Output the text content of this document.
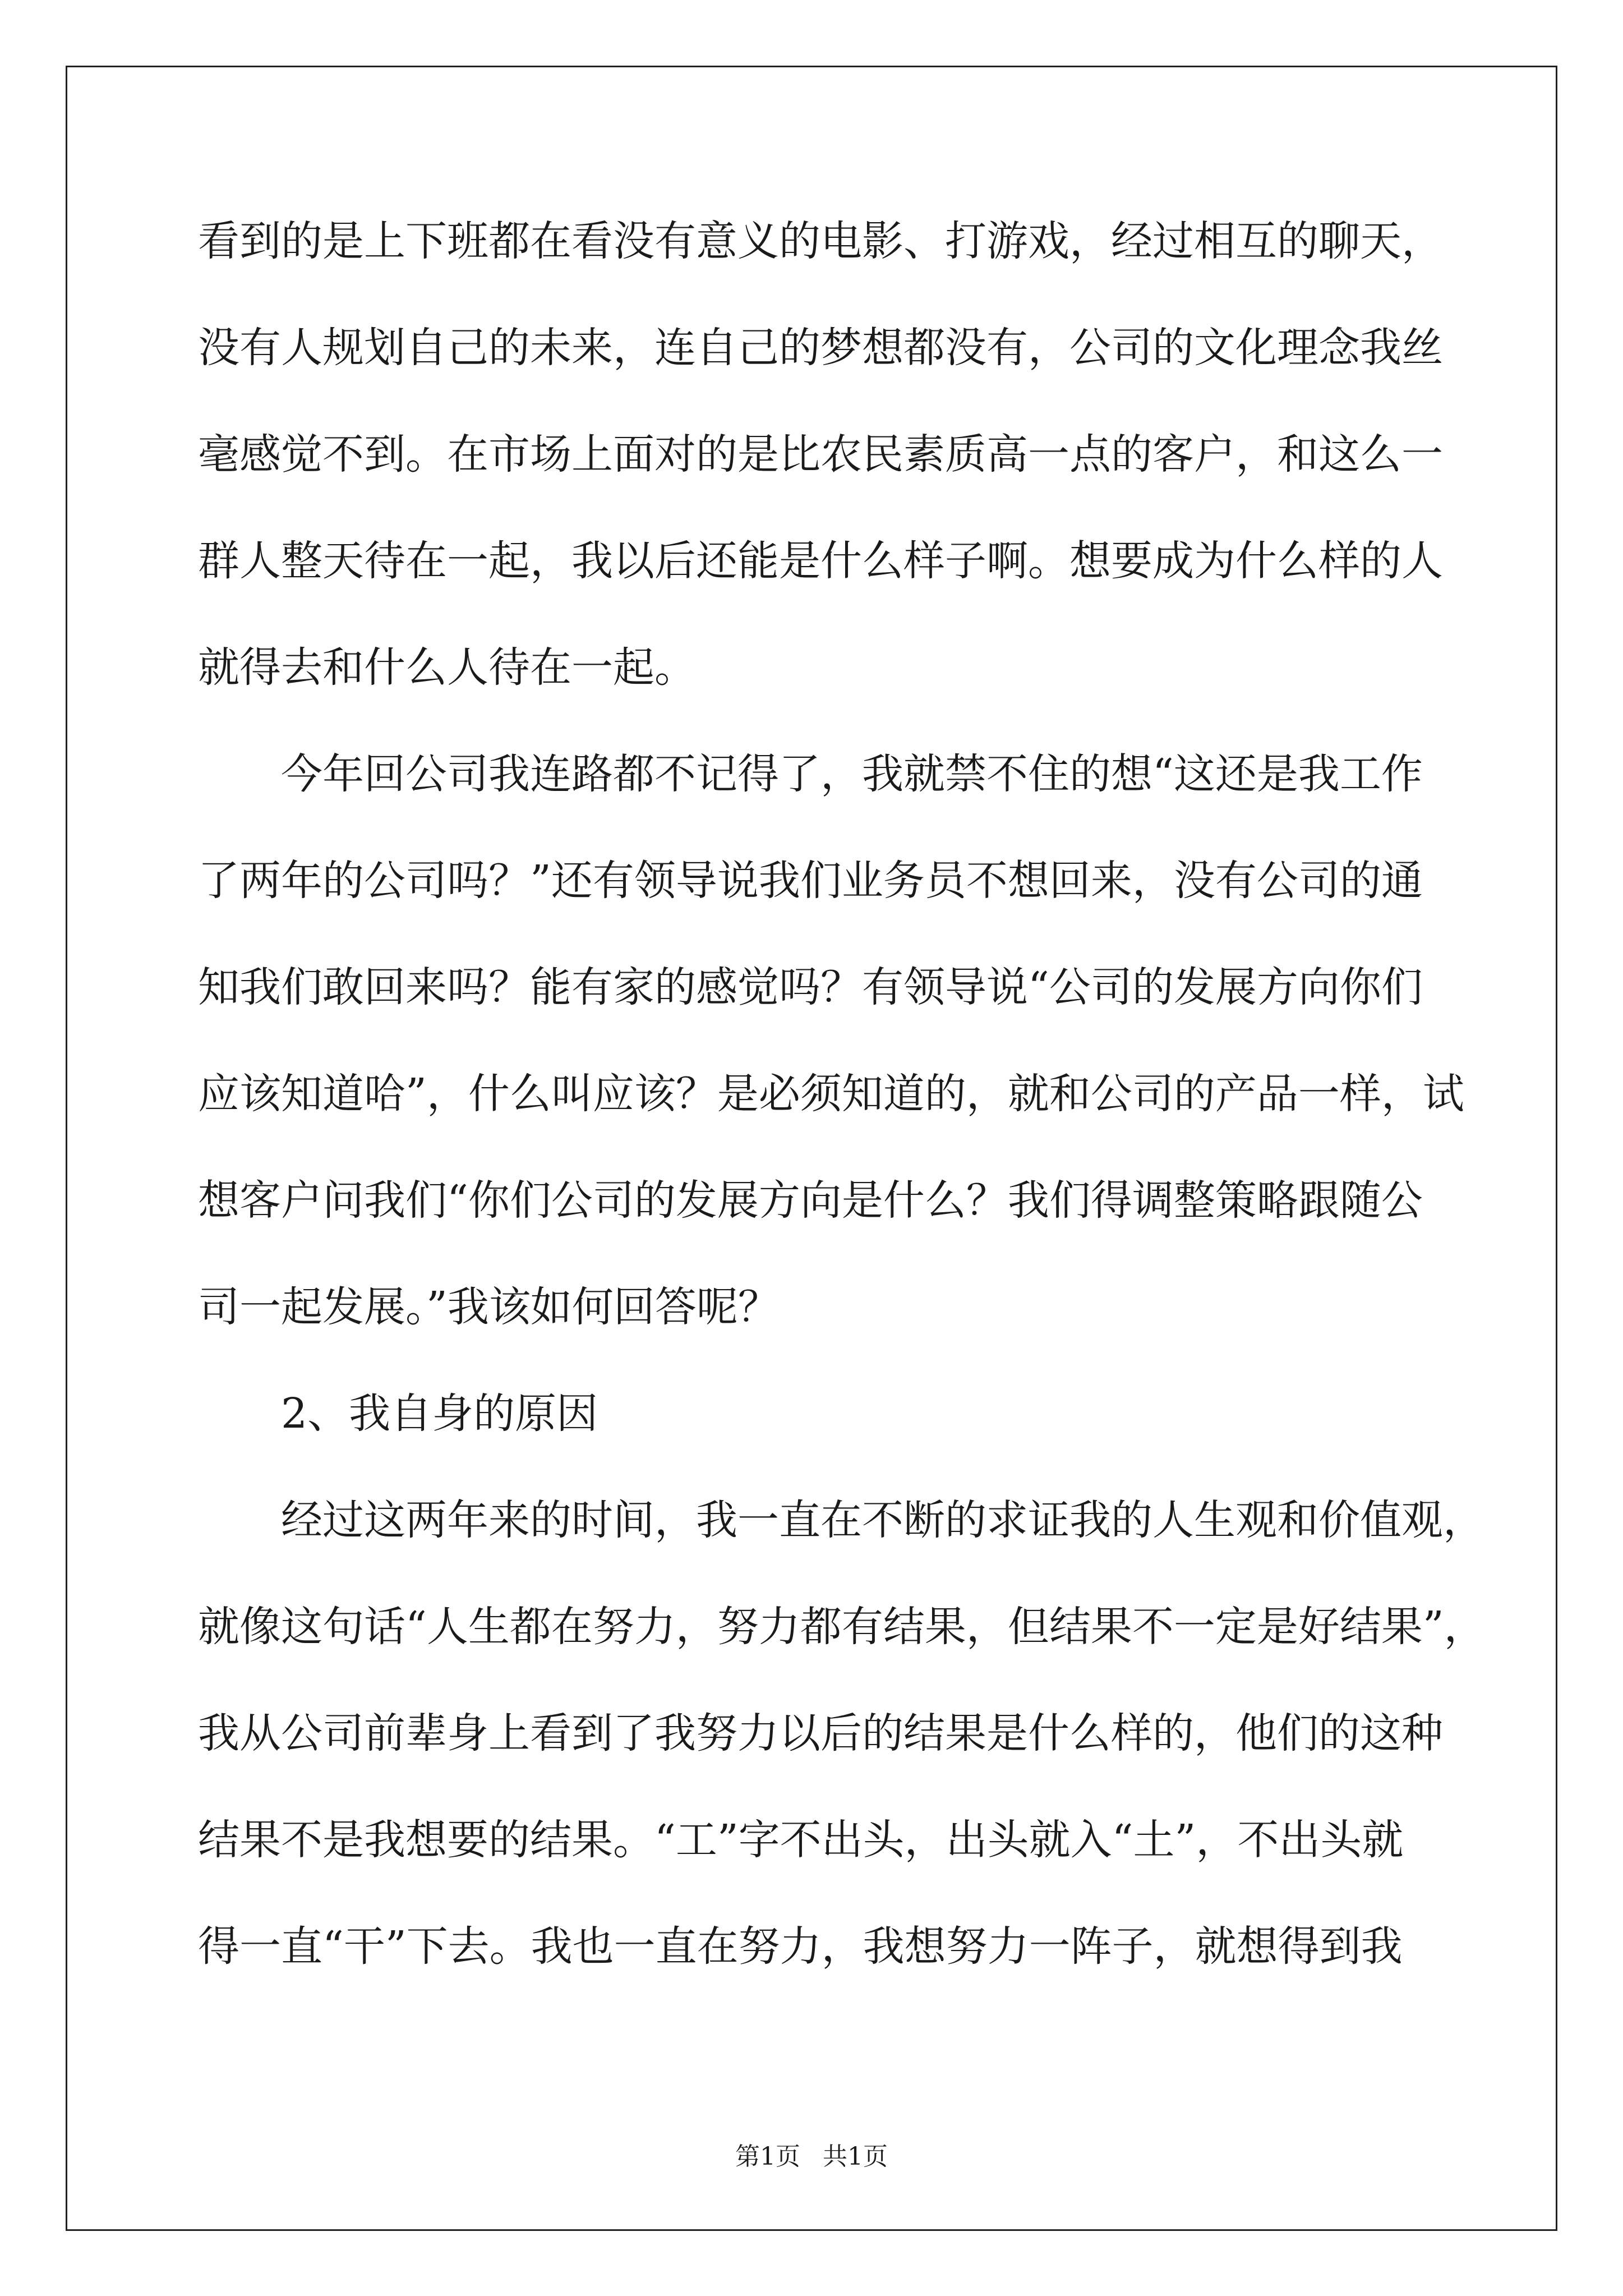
看到的是上下班都在看没有意义的电影、打游戏，经过相互的聊天，
没有人规划自己的未来，连自己的梦想都没有，公司的文化理念我丝
毫感觉不到。在市场上面对的是比农民素质高一点的客户，和这么一
群人整天待在一起，我以后还能是什么样子啊。想要成为什么样的人
就得去和什么人待在一起。
今年回公司我连路都不记得了，我就禁不住的想“这还是我工作
了两年的公司吗？”还有领导说我们业务员不想回来，没有公司的通
知我们敢回来吗？能有家的感觉吗？有领导说“公司的发展方向你们
应该知道哈”，什么叫应该？是必须知道的，就和公司的产品一样，试
想客户问我们“你们公司的发展方向是什么？我们得调整策略跟随公
司一起发展。”我该如何回答呢？
2、我自身的原因
经过这两年来的时间，我一直在不断的求证我的人生观和价值观，
就像这句话“人生都在努力，努力都有结果，但结果不一定是好结果”，
我从公司前辈身上看到了我努力以后的结果是什么样的，他们的这种
结果不是我想要的结果。“工”字不出头，出头就入“土”，不出头就
得一直“干”下去。我也一直在努力，我想努力一阵子，就想得到我
第1页 共1页
